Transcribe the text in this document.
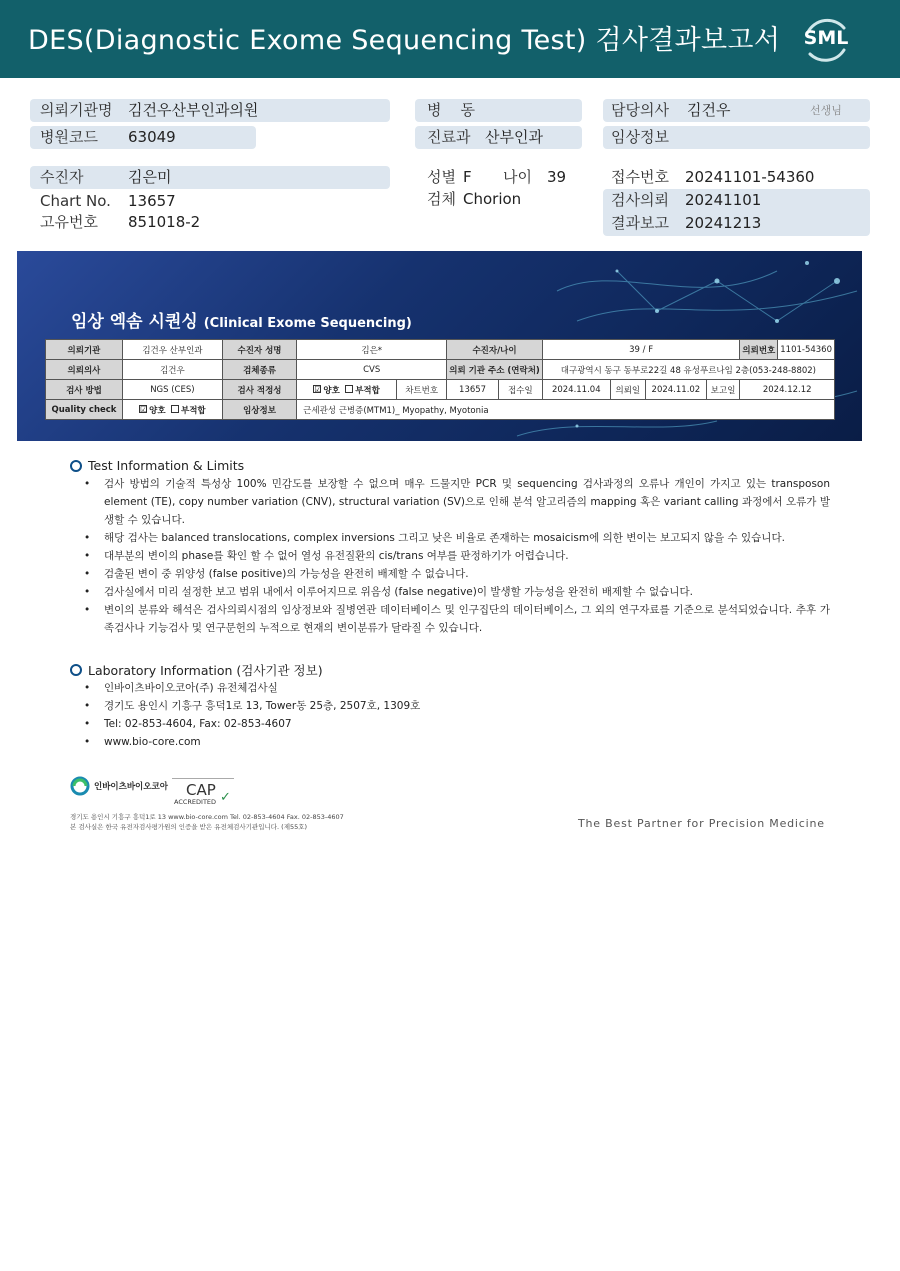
DES(Diagnostic Exome Sequencing Test) 검사결과보고서 SML
의뢰기관명 김건우산부인과의원
병원코드 63049
병    동
진료과 산부인과
담당의사 김건우	선생님
임상정보
수진자	김은미
Chart No. 13657
고유번호 851018-2
성별 F 나이 39
검체 Chorion
접수번호 20241101-54360
검사의뢰 20241101
결과보고 20241213
임상 엑솜 시퀀싱 (Clinical Exome Sequencing)
의뢰기관	김건우 산부인과	수진자 성명	김은*		수진자/나이		39 / F				의뢰번호	1101-54360
의뢰의사	김건우	검체종류	CVS		의뢰 기관 주소 (연락처)		대구광역시 동구 동부로22길 48 유성푸르나임 2층(053-248-8802)					
검사 방법	NGS (CES)	검사 적정성	☑ 양호 부적합	차트번호	13657	접수일	2024.11.04	의뢰일	2024.11.02	보고일	2024.12.12	
Quality check	☑ 양호 부적합	임상정보	근세관성 근병증(MTM1)_ Myopathy, Myotonia									
Test Information & Limits
• 검사 방법의 기술적 특성상 100% 민감도를 보장할 수 없으며 매우 드물지만 PCR 및 sequencing 검사과정의 오류나 개인이 가지고 있는 transposon element (TE), copy number variation (CNV), structural variation (SV)으로 인해 분석 알고리즘의 mapping 혹은 variant calling 과정에서 오류가 발생할 수 있습니다.
• 해당 검사는 balanced translocations, complex inversions 그리고 낮은 비율로 존재하는 mosaicism에 의한 변이는 보고되지 않을 수 있습니다.
• 대부분의 변이의 phase를 확인 할 수 없어 열성 유전질환의 cis/trans 여부를 판정하기가 어렵습니다.
• 검출된 변이 중 위양성 (false positive)의 가능성을 완전히 배제할 수 없습니다.
• 검사실에서 미리 설정한 보고 범위 내에서 이루어지므로 위음성 (false negative)이 발생할 가능성을 완전히 배제할 수 없습니다.
• 변이의 분류와 해석은 검사의뢰시점의 임상정보와 질병연관 데이터베이스 및 인구집단의 데이터베이스, 그 외의 연구자료를 기준으로 분석되었습니다. 추후 가족검사나 기능검사 및 연구문헌의 누적으로 현재의 변이분류가 달라질 수 있습니다.
Laboratory Information (검사기관 정보)
• 인바이츠바이오코아(주) 유전체검사실
• 경기도 용인시 기흥구 흥덕1로 13, Tower동 25층, 2507호, 1309호
• Tel: 02-853-4604, Fax: 02-853-4607
• www.bio-core.com
인바이츠바이오코아 CAP
ACCREDITED ✓
경기도 용인시 기흥구 흥덕1로 13 www.bio-core.com Tel. 02-853-4604 Fax. 02-853-4607
본 검사실은 한국 유전자검사평가원의 인증을 받은 유전체검사기관입니다. (제55호)	The Best Partner for Precision Medicine
